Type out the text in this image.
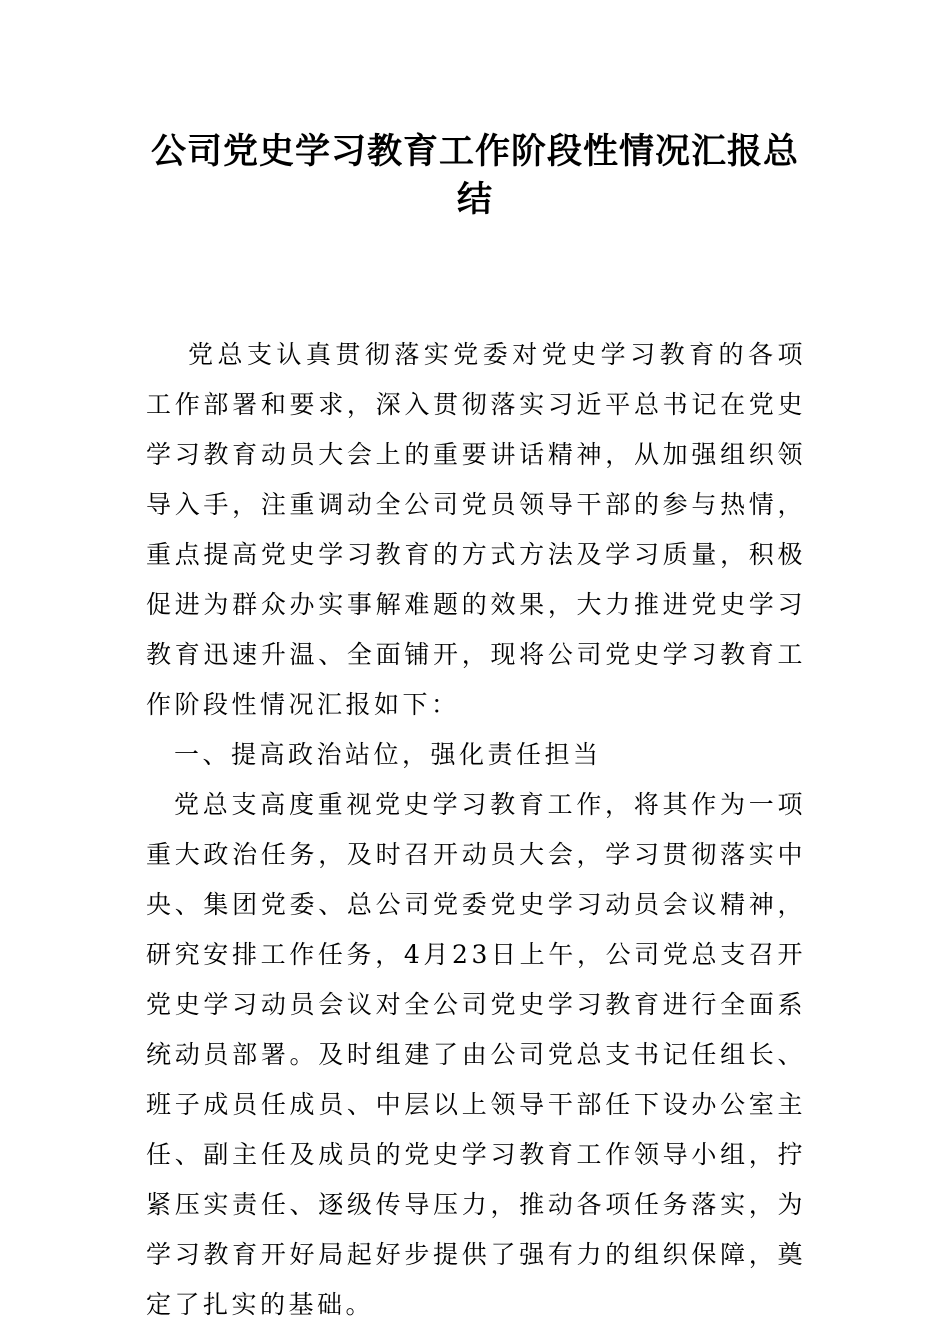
公司党史学习教育工作阶段性情况汇报总结

党总支认真贯彻落实党委对党史学习教育的各项工作部署和要求，深入贯彻落实习近平总书记在党史学习教育动员大会上的重要讲话精神，从加强组织领导入手，注重调动全公司党员领导干部的参与热情，重点提高党史学习教育的方式方法及学习质量，积极促进为群众办实事解难题的效果，大力推进党史学习教育迅速升温、全面铺开，现将公司党史学习教育工作阶段性情况汇报如下：

一、提高政治站位，强化责任担当

党总支高度重视党史学习教育工作，将其作为一项重大政治任务，及时召开动员大会，学习贯彻落实中央、集团党委、总公司党委党史学习动员会议精神，研究安排工作任务，4月23日上午，公司党总支召开党史学习动员会议对全公司党史学习教育进行全面系统动员部署。及时组建了由公司党总支书记任组长、班子成员任成员、中层以上领导干部任下设办公室主任、副主任及成员的党史学习教育工作领导小组，拧紧压实责任、逐级传导压力，推动各项任务落实，为学习教育开好局起好步提供了强有力的组织保障，奠定了扎实的基础。
